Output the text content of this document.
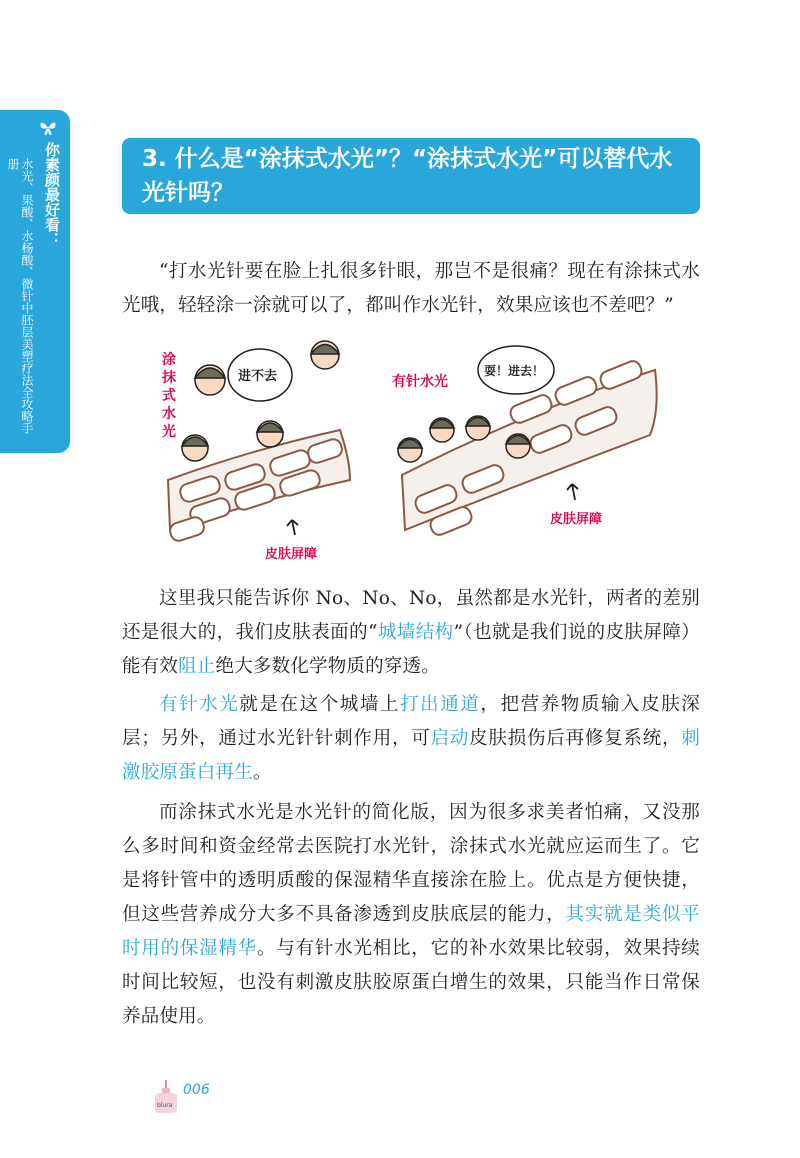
你素颜最好看：
水光、果酸、水杨酸、微针中胚层美塑疗法全攻略手册	3. 什么是“涂抹式水光”？“涂抹式水光”可以替代水光针吗？
涂
抹
式
水
光
进不去
皮肤屏障
有针水光
耍！进去！
皮肤屏障

“打水光针要在脸上扎很多针眼，那岂不是很痛？现在有涂抹式水光哦，轻轻涂一涂就可以了，都叫作水光针，效果应该也不差吧？”

这里我只能告诉你 No、No、No，虽然都是水光针，两者的差别还是很大的，我们皮肤表面的“城墙结构”（也就是我们说的皮肤屏障）能有效阻止绝大多数化学物质的穿透。

有针水光就是在这个城墙上打出通道，把营养物质输入皮肤深层；另外，通过水光针针刺作用，可启动皮肤损伤后再修复系统，刺激胶原蛋白再生。

而涂抹式水光是水光针的简化版，因为很多求美者怕痛，又没那么多时间和资金经常去医院打水光针，涂抹式水光就应运而生了。它是将针管中的透明质酸的保湿精华直接涂在脸上。优点是方便快捷，但这些营养成分大多不具备渗透到皮肤底层的能力，其实就是类似平时用的保湿精华。与有针水光相比，它的补水效果比较弱，效果持续时间比较短，也没有刺激皮肤胶原蛋白增生的效果，只能当作日常保养品使用。

blura
006
